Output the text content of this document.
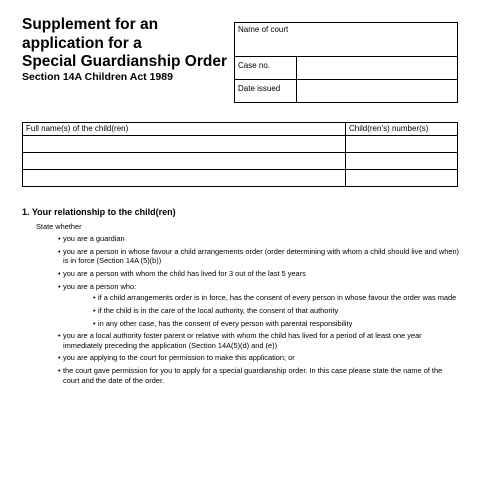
Supplement for an
application for a
Special Guardianship Order
Section 14A Children Act 1989
Name of court	
Case no.	
Date issued	
Full name(s) of the child(ren)	Child(ren’s) number(s)

1. Your relationship to the child(ren)
State whether
• you are a guardian
• you are a person in whose favour a child arrangements order (order determining with whom a child should live and when) is in force (Section 14A (5)(b))
• you are a person with whom the child has lived for 3 out of the last 5 years
• you are a person who:
• if a child arrangements order is in force, has the consent of every person in whose favour the order was made
• if the child is in the care of the local authority, the consent of that authority
• in any other case, has the consent of every person with parental responsibility
• you are a local authority foster parent or relative with whom the child has lived for a period of at least one year immediately preceding the application (Section 14A(5)(d) and (e))
• you are applying to the court for permission to make this application; or
• the court gave permission for you to apply for a special guardianship order. In this case please state the name of the court and the date of the order.
